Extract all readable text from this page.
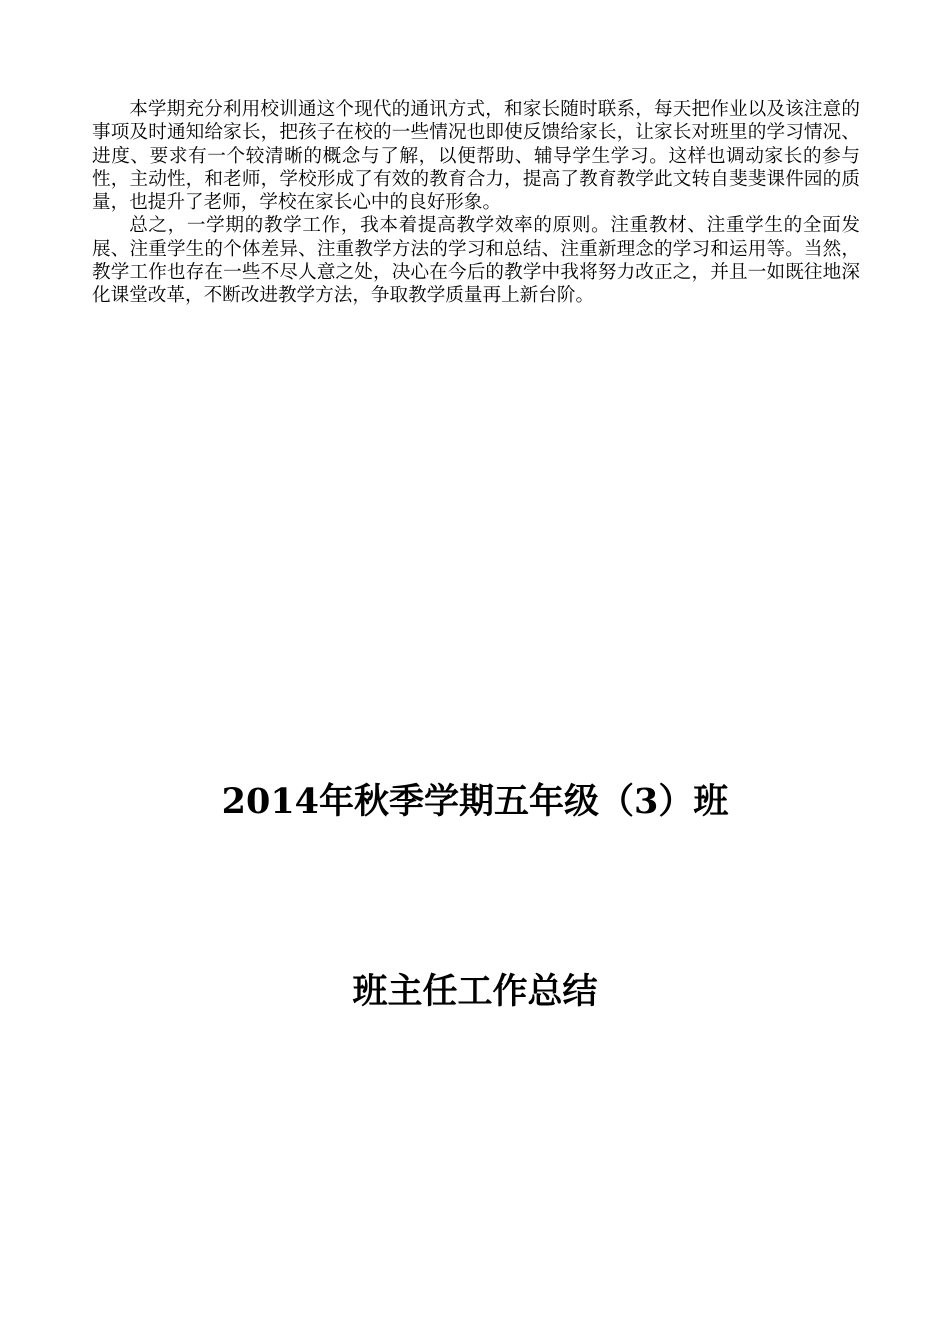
本学期充分利用校训通这个现代的通讯方式，和家长随时联系，每天把作业以及该注意的事项及时通知给家长，把孩子在校的一些情况也即使反馈给家长，让家长对班里的学习情况、进度、要求有一个较清晰的概念与了解，以便帮助、辅导学生学习。这样也调动家长的参与性，主动性，和老师，学校形成了有效的教育合力，提高了教育教学此文转自斐斐课件园的质量，也提升了老师，学校在家长心中的良好形象。

总之，一学期的教学工作，我本着提高教学效率的原则。注重教材、注重学生的全面发展、注重学生的个体差异、注重教学方法的学习和总结、注重新理念的学习和运用等。当然，教学工作也存在一些不尽人意之处，决心在今后的教学中我将努力改正之，并且一如既往地深化课堂改革，不断改进教学方法，争取教学质量再上新台阶。

2014年秋季学期五年级（3）班
班主任工作总结
